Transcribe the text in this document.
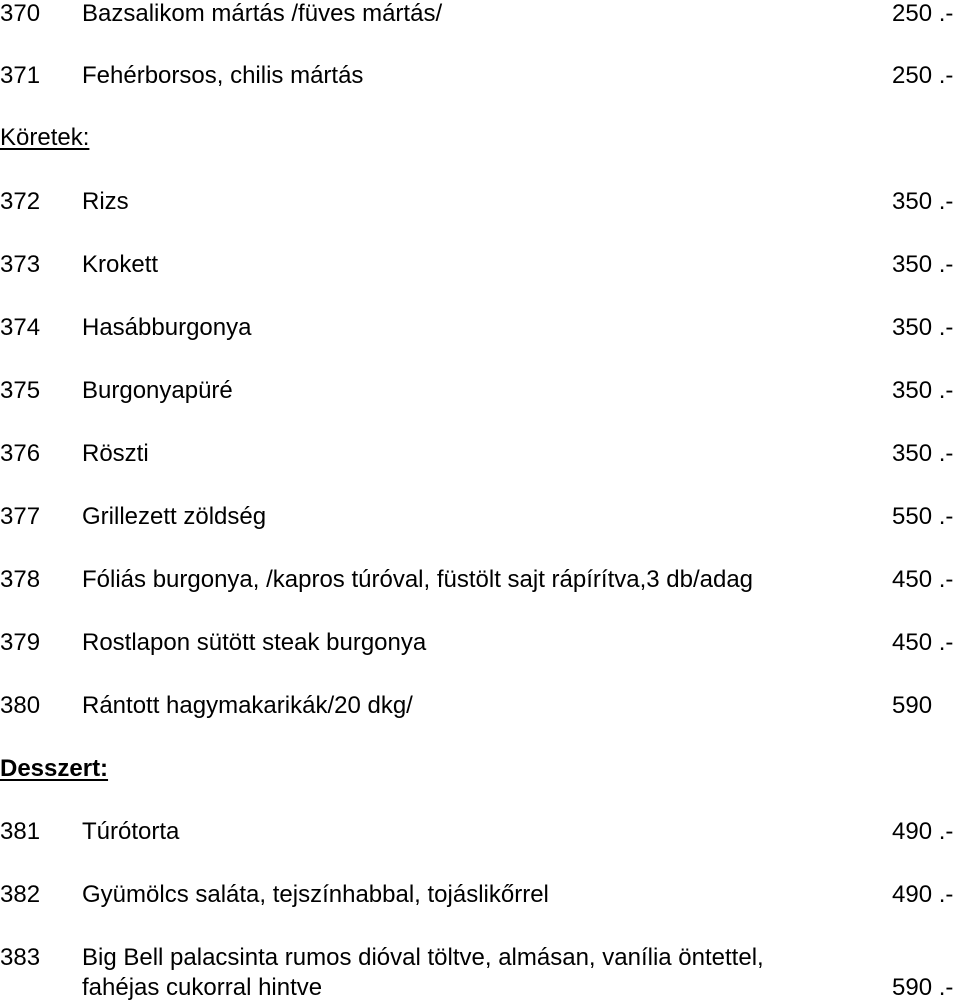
370 Bazsalikom mártás /füves mártás/	250 .-
371 Fehérborsos, chilis mártás	250 .-
Köretek:
372 Rizs	350 .-
373 Krokett	350 .-
374 Hasábburgonya	350 .-
375 Burgonyapüré	350 .-
376 Röszti	350 .-
377 Grillezett zöldség	550 .-
378 Fóliás burgonya, /kapros túróval, füstölt sajt rápírítva,3 db/adag	450 .-
379 Rostlapon sütött steak burgonya	450 .-
380 Rántott hagymakarikák/20 dkg/	590
Desszert:
381 Túrótorta	490 .-
382 Gyümölcs saláta, tejszínhabbal, tojáslikőrrel	490 .-
383 Big Bell palacsinta rumos dióval töltve, almásan, vanília öntettel,
fahéjas cukorral hintve	590 .-
